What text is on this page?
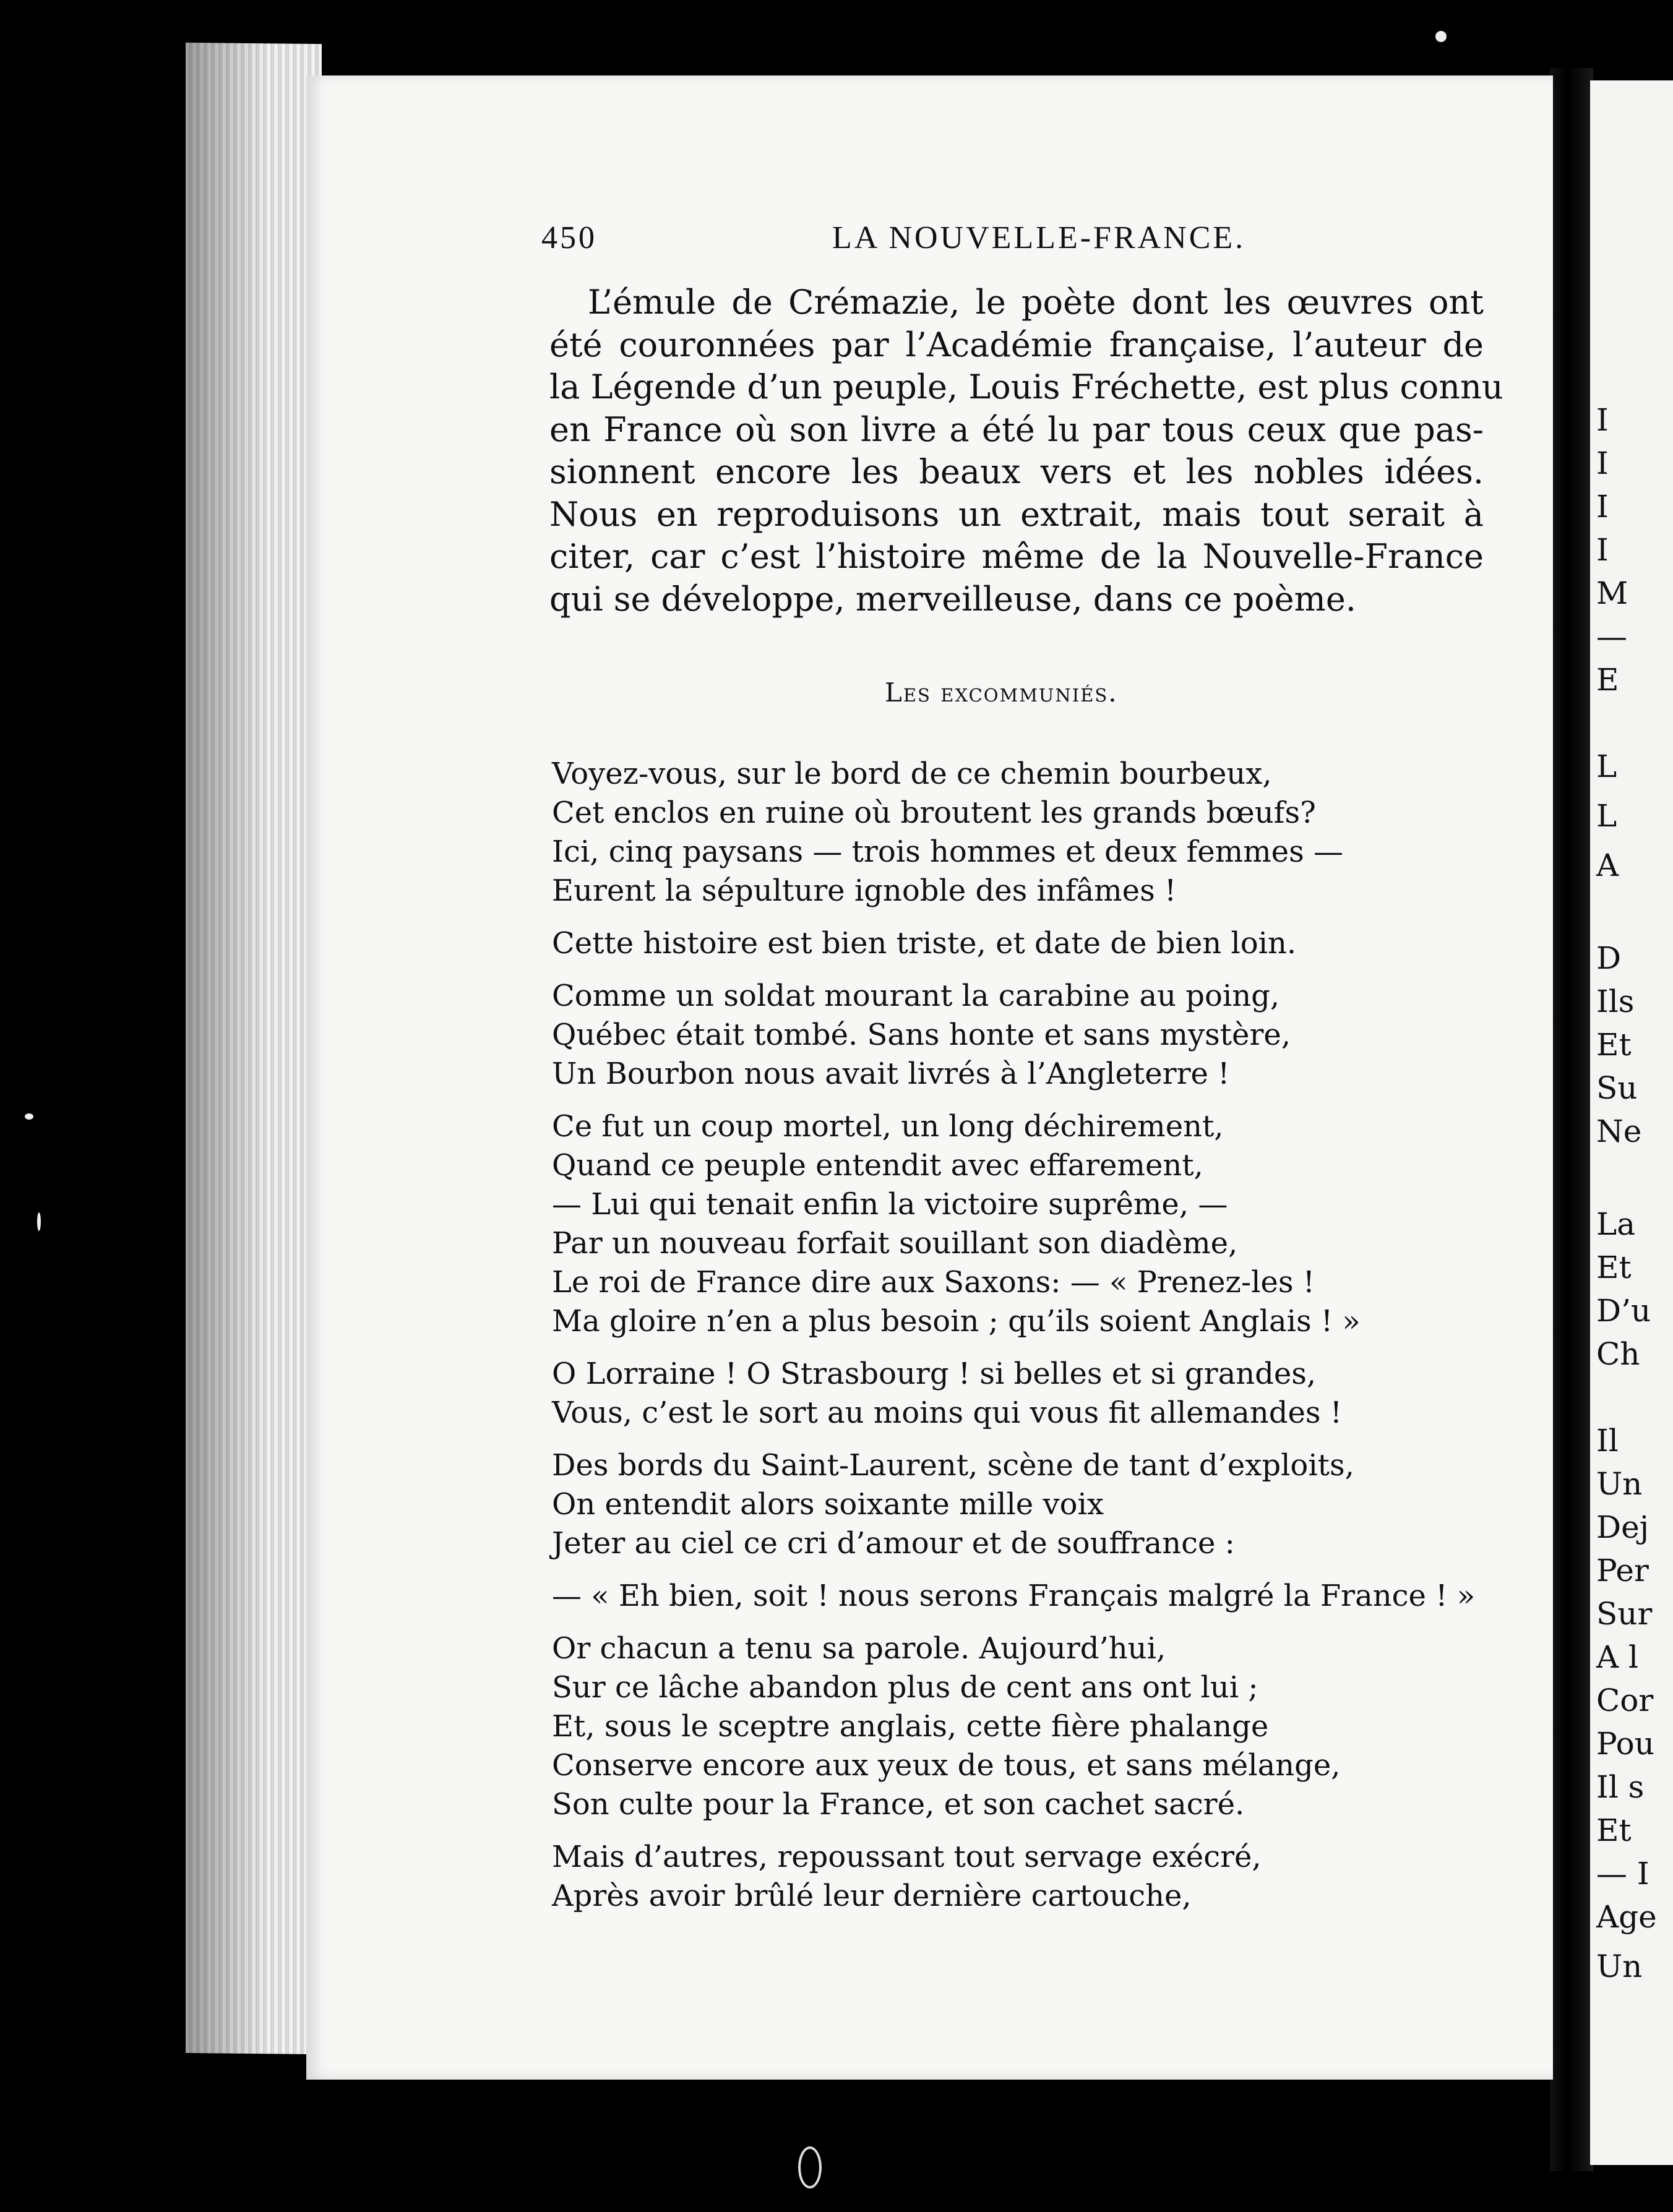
I
I
I
I
M
—
E
L
L
A
D
Ils
Et
Su
Ne
La
Et
D’u
Ch
Il
Un
Dej
Per
Sur
A l
Cor
Pou
Il s
Et
— I
Age
Un
450	LA NOUVELLE-FRANCE.
L’émule de Crémazie, le poète dont les œuvres ont
été couronnées par l’Académie française, l’auteur de
la Légende d’un peuple, Louis Fréchette, est plus connu
en France où son livre a été lu par tous ceux que pas-
sionnent encore les beaux vers et les nobles idées.
Nous en reproduisons un extrait, mais tout serait à
citer, car c’est l’histoire même de la Nouvelle-France
qui se développe, merveilleuse, dans ce poème.
Les excommuniés.
Voyez-vous, sur le bord de ce chemin bourbeux,
Cet enclos en ruine où broutent les grands bœufs?
Ici, cinq paysans — trois hommes et deux femmes —
Eurent la sépulture ignoble des infâmes !
Cette histoire est bien triste, et date de bien loin.
Comme un soldat mourant la carabine au poing,
Québec était tombé. Sans honte et sans mystère,
Un Bourbon nous avait livrés à l’Angleterre !
Ce fut un coup mortel, un long déchirement,
Quand ce peuple entendit avec effarement,
— Lui qui tenait enfin la victoire suprême, —
Par un nouveau forfait souillant son diadème,
Le roi de France dire aux Saxons: — « Prenez-les !
Ma gloire n’en a plus besoin ; qu’ils soient Anglais ! »
O Lorraine ! O Strasbourg ! si belles et si grandes,
Vous, c’est le sort au moins qui vous fit allemandes !
Des bords du Saint-Laurent, scène de tant d’exploits,
On entendit alors soixante mille voix
Jeter au ciel ce cri d’amour et de souffrance :
— « Eh bien, soit ! nous serons Français malgré la France ! »
Or chacun a tenu sa parole. Aujourd’hui,
Sur ce lâche abandon plus de cent ans ont lui ;
Et, sous le sceptre anglais, cette fière phalange
Conserve encore aux yeux de tous, et sans mélange,
Son culte pour la France, et son cachet sacré.
Mais d’autres, repoussant tout servage exécré,
Après avoir brûlé leur dernière cartouche,
